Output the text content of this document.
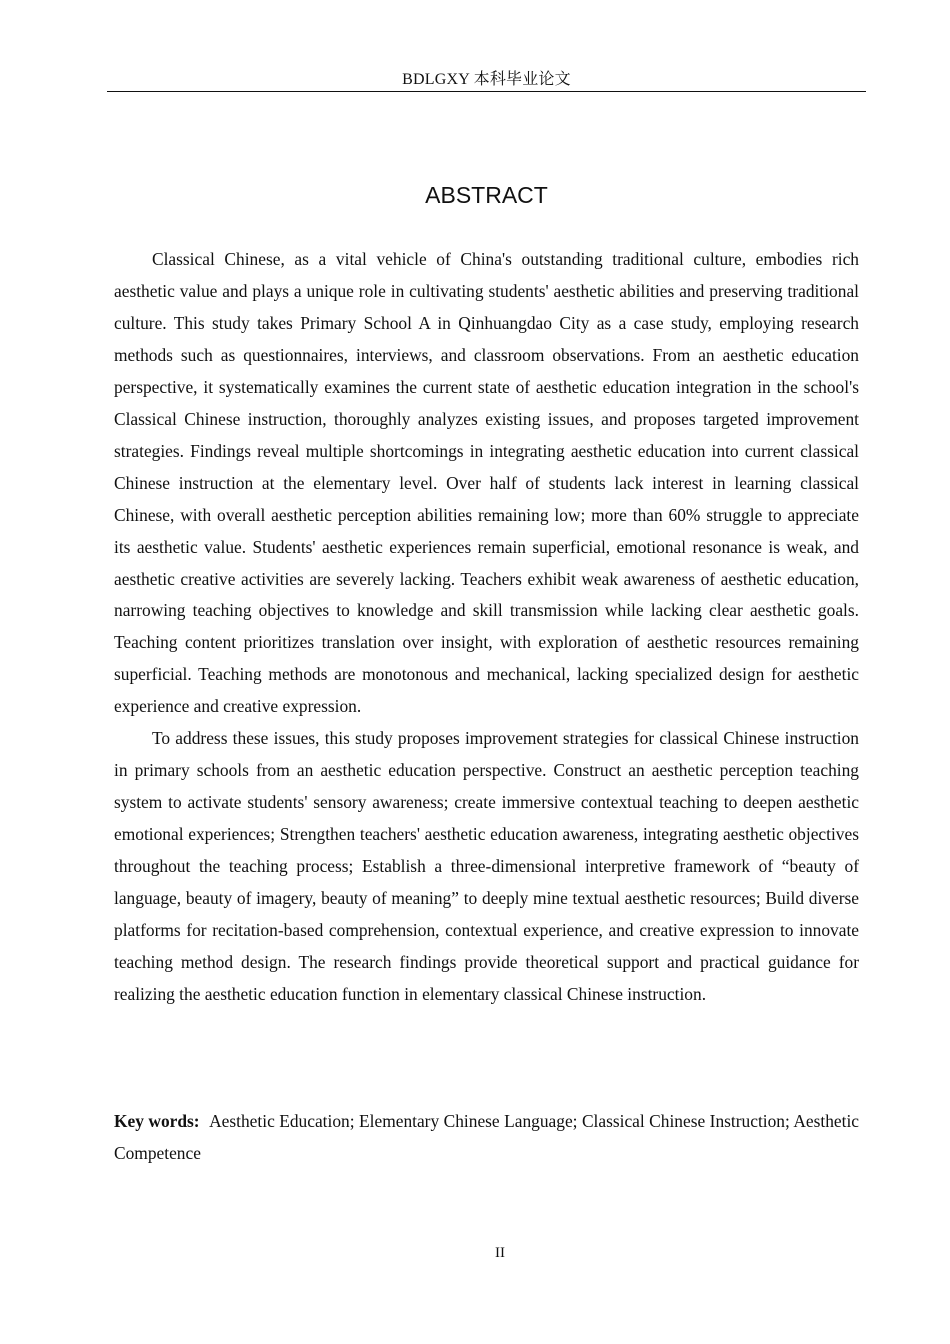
BDLGXY 本科毕业论文
ABSTRACT

Classical Chinese, as a vital vehicle of China's outstanding traditional culture, embodies rich aesthetic value and plays a unique role in cultivating students' aesthetic abilities and preserving traditional culture. This study takes Primary School A in Qinhuangdao City as a case study, employing research methods such as questionnaires, interviews, and classroom observations. From an aesthetic education perspective, it systematically examines the current state of aesthetic education integration in the school's Classical Chinese instruction, thoroughly analyzes existing issues, and proposes targeted improvement strategies. Findings reveal multiple shortcomings in integrating aesthetic education into current classical Chinese instruction at the elementary level. Over half of students lack interest in learning classical Chinese, with overall aesthetic perception abilities remaining low; more than 60% struggle to appreciate its aesthetic value. Students' aesthetic experiences remain superficial, emotional resonance is weak, and aesthetic creative activities are severely lacking. Teachers exhibit weak awareness of aesthetic education, narrowing teaching objectives to knowledge and skill transmission while lacking clear aesthetic goals. Teaching content prioritizes translation over insight, with exploration of aesthetic resources remaining superficial. Teaching methods are monotonous and mechanical, lacking specialized design for aesthetic experience and creative expression.

To address these issues, this study proposes improvement strategies for classical Chinese instruction in primary schools from an aesthetic education perspective. Construct an aesthetic perception teaching system to activate students' sensory awareness; create immersive contextual teaching to deepen aesthetic emotional experiences; Strengthen teachers' aesthetic education awareness, integrating aesthetic objectives throughout the teaching process; Establish a three-dimensional interpretive framework of “beauty of language, beauty of imagery, beauty of meaning” to deeply mine textual aesthetic resources; Build diverse platforms for recitation-based comprehension, contextual experience, and creative expression to innovate teaching method design. The research findings provide theoretical support and practical guidance for realizing the aesthetic education function in elementary classical Chinese instruction.

Key words: Aesthetic Education; Elementary Chinese Language; Classical Chinese Instruction; Aesthetic Competence

II
